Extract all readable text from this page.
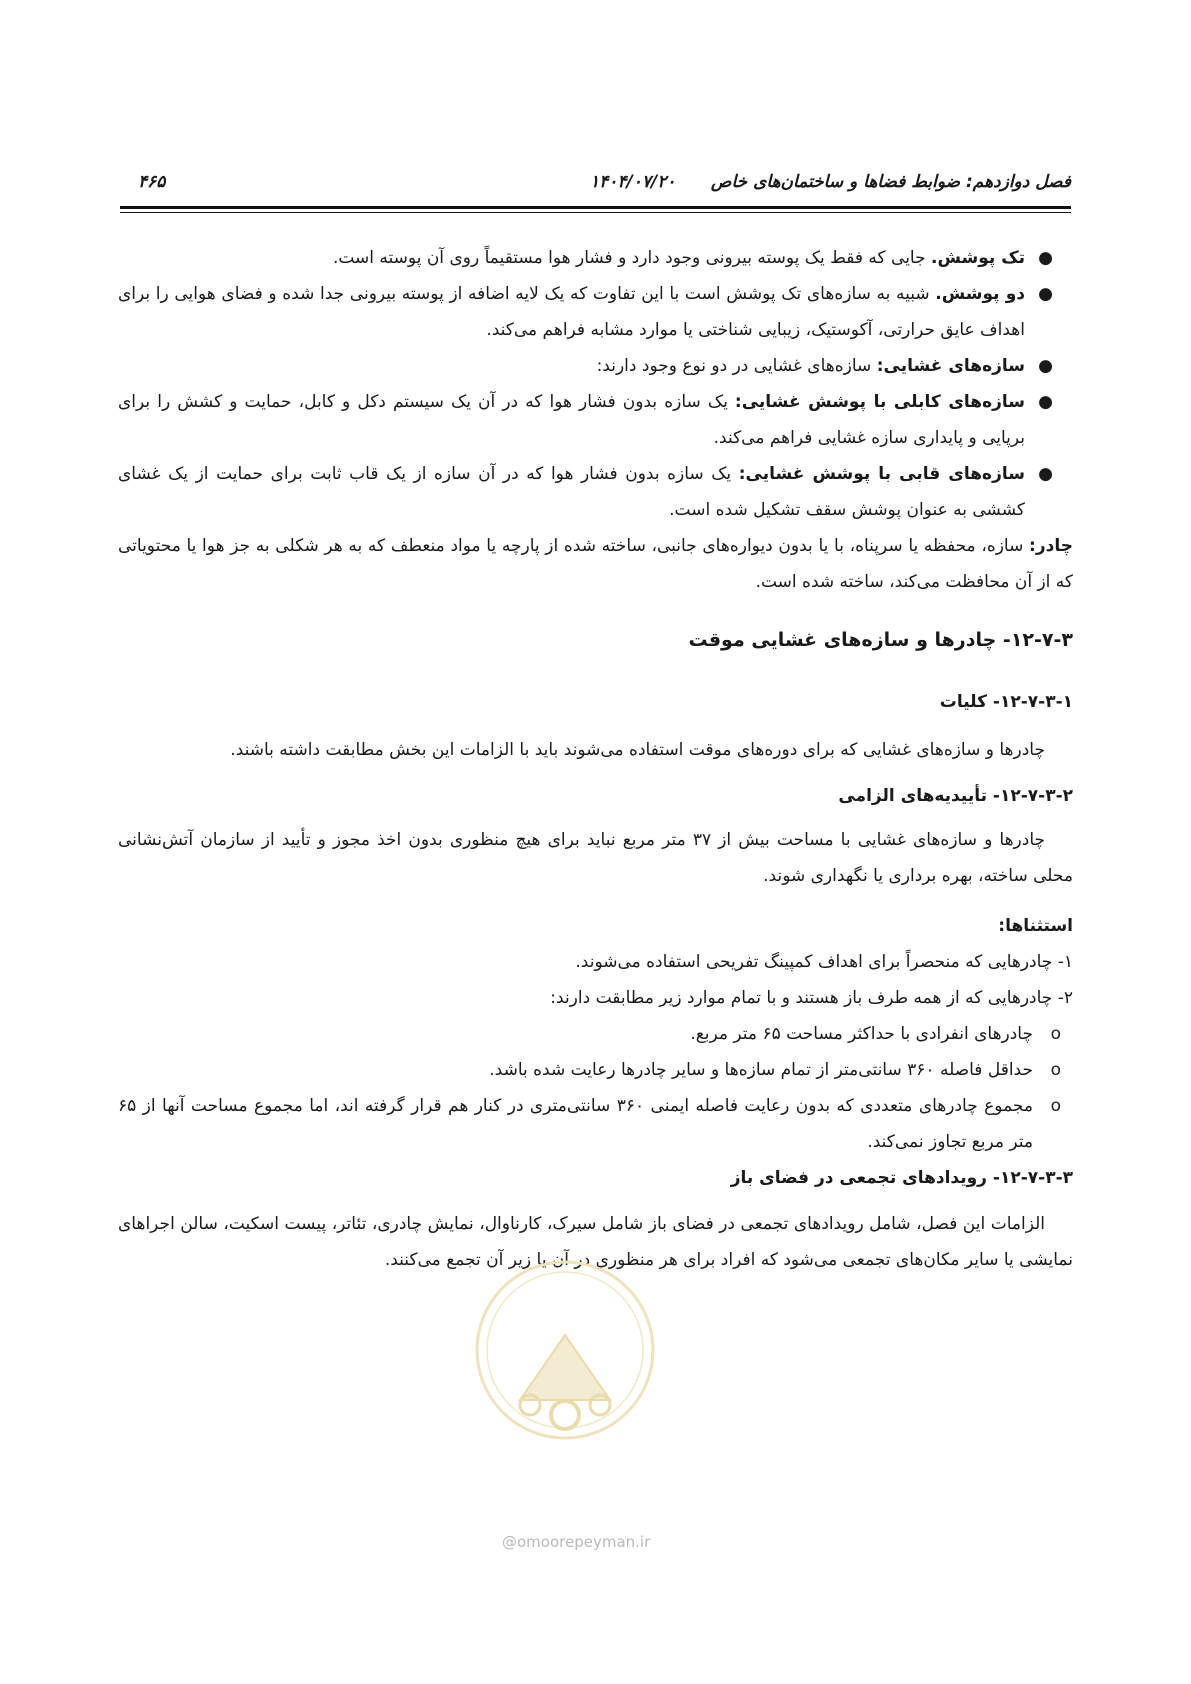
فصل دوازدهم: ضوابط فضاها و ساختمان‌های خاص
۱۴۰۴/۰۷/۲۰
۴۶۵
●
تک پوشش. جایی که فقط یک پوسته بیرونی وجود دارد و فشار هوا مستقیماً روی آن پوسته است.
●
دو پوشش. شبیه به سازه‌های تک پوشش است با این تفاوت که یک لایه اضافه از پوسته بیرونی جدا شده و فضای هوایی را برای اهداف عایق حرارتی، آکوستیک، زیبایی شناختی یا موارد مشابه فراهم می‌کند.
●
سازه‌های غشایی: سازه‌های غشایی در دو نوع وجود دارند:
●
سازه‌های کابلی با پوشش غشایی: یک سازه بدون فشار هوا که در آن یک سیستم دکل و کابل، حمایت و کشش را برای برپایی و پایداری سازه غشایی فراهم می‌کند.
●
سازه‌های قابی با پوشش غشایی: یک سازه بدون فشار هوا که در آن سازه از یک قاب ثابت برای حمایت از یک غشای کششی به عنوان پوشش سقف تشکیل شده است.

چادر: سازه، محفظه یا سرپناه، با یا بدون دیواره‌های جانبی، ساخته شده از پارچه یا مواد منعطف که به هر شکلی به جز هوا یا محتویاتی که از آن محافظت می‌کند، ساخته شده است.

۱۲-۷-۳- چادرها و سازه‌های غشایی موقت
۱۲-۷-۳-۱- کلیات

چادرها و سازه‌های غشایی که برای دوره‌های موقت استفاده می‌شوند باید با الزامات این بخش مطابقت داشته باشند.

۱۲-۷-۳-۲- تأییدیه‌های الزامی

چادرها و سازه‌های غشایی با مساحت بیش از ۳۷ متر مربع نباید برای هیچ منظوری بدون اخذ مجوز و تأیید از سازمان آتش‌نشانی محلی ساخته، بهره برداری یا نگهداری شوند.

استثناها:

۱- چادرهایی که منحصراً برای اهداف کمپینگ تفریحی استفاده می‌شوند.

۲- چادرهایی که از همه طرف باز هستند و با تمام موارد زیر مطابقت دارند:

o
چادرهای انفرادی با حداکثر مساحت ۶۵ متر مربع.
o
حداقل فاصله ۳۶۰ سانتی‌متر از تمام سازه‌ها و سایر چادرها رعایت شده باشد.
o
مجموع چادرهای متعددی که بدون رعایت فاصله ایمنی ۳۶۰ سانتی‌متری در کنار هم قرار گرفته اند، اما مجموع مساحت آنها از ۶۵ متر مربع تجاوز نمی‌کند.
۱۲-۷-۳-۳- رویدادهای تجمعی در فضای باز

الزامات این فصل، شامل رویدادهای تجمعی در فضای باز شامل سیرک، کارناوال، نمایش چادری، تئاتر، پیست اسکیت، سالن اجراهای نمایشی یا سایر مکان‌های تجمعی می‌شود که افراد برای هر منظوری در آن یا زیر آن تجمع می‌کنند.

@omoorepeyman.ir
